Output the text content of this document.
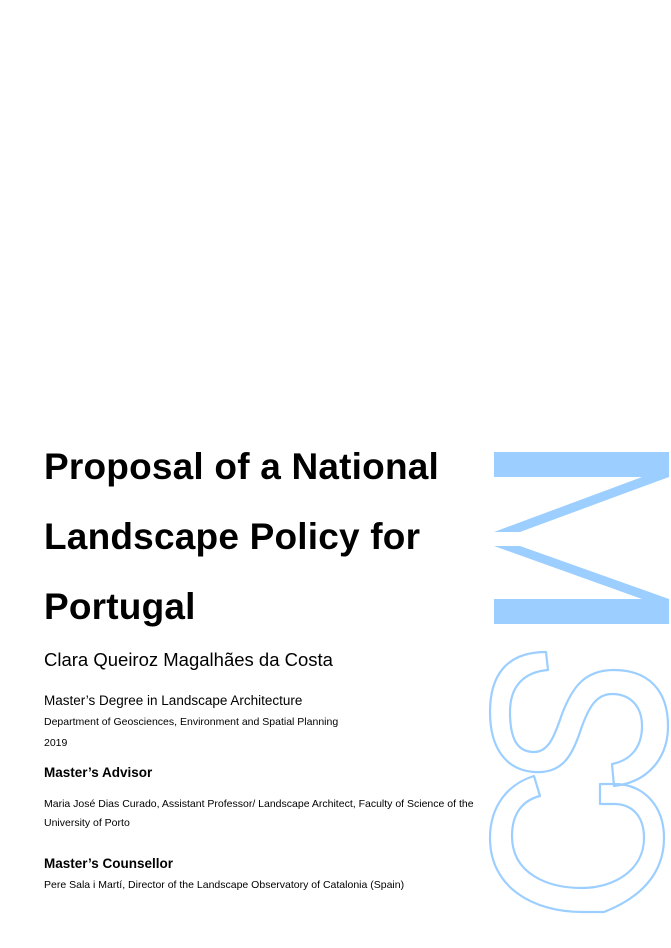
Proposal of a National Landscape Policy for Portugal

Clara Queiroz Magalhães da Costa

Master’s Degree in Landscape Architecture

Department of Geosciences, Environment and Spatial Planning

2019

Master’s Advisor

Maria José Dias Curado, Assistant Professor/ Landscape Architect, Faculty of Science of the University of Porto

Master’s Counsellor

Pere Sala i Martí, Director of the Landscape Observatory of Catalonia (Spain)
